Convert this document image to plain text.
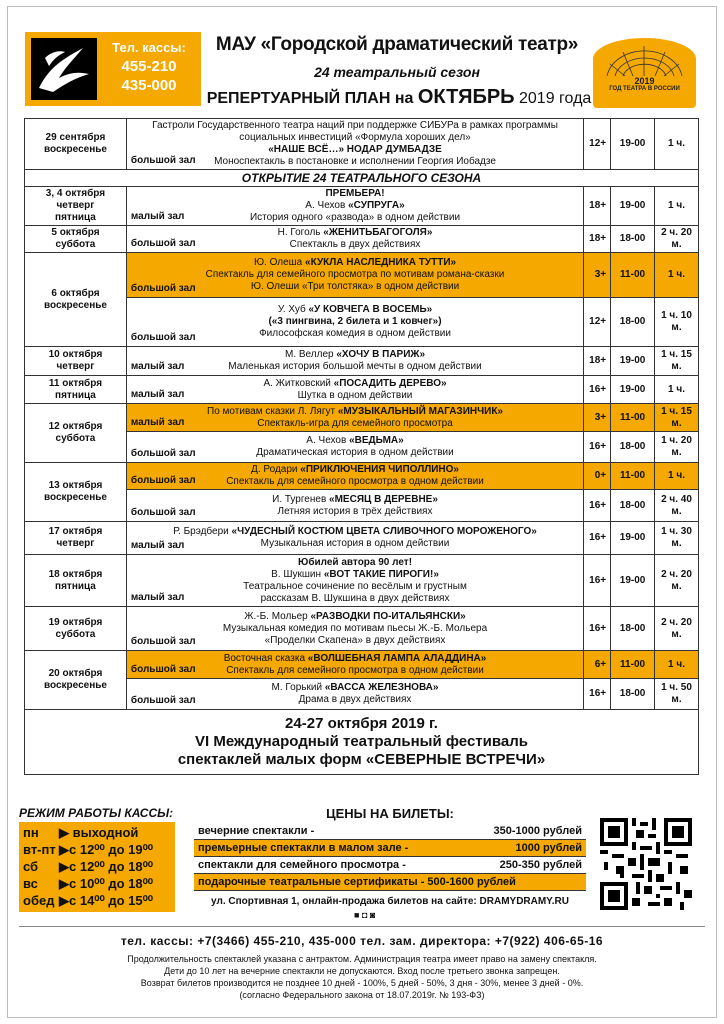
Тел. кассы:
455-210
435-000
МАУ «Городской драматический театр»
24 театральный сезон
РЕПЕРТУАРНЫЙ ПЛАН на ОКТЯБРЬ 2019 года
2019
ГОД ТЕАТРА В РОССИИ
29 сентября
воскресенье	Гастроли Государственного театра наций при поддержке СИБУРа в рамках программы
социальных инвестиций «Формула хороших дел»
«НАШЕ ВСЁ…» НОДАР ДУМБАДЗЕ
Моноспектакль в постановке и исполнении Георгия Иобадзе
большой зал	12+	19-00	1 ч.
ОТКРЫТИЕ 24 ТЕАТРАЛЬНОГО СЕЗОНА				
3, 4 октября
четверг
пятница	ПРЕМЬЕРА!
А. Чехов «СУПРУГА»
История одного «развода» в одном действии
малый зал	18+	19-00	1 ч.
5 октября
суббота	Н. Гоголь «ЖЕНИТЬБАГОГОЛЯ»
Спектакль в двух действиях
большой зал	18+	18-00	2 ч. 20 м.
6 октября
воскресенье	Ю. Олеша «КУКЛА НАСЛЕДНИКА ТУТТИ»
Спектакль для семейного просмотра по мотивам романа-сказки
Ю. Олеши «Три толстяка» в одном действии
большой зал	3+	11-00	1 ч.

	У. Хуб «У КОВЧЕГА В ВОСЕМЬ»
(«3 пингвина, 2 билета и 1 ковчег»)
Философская комедия в одном действии
большой зал	12+	18-00	1 ч. 10 м.
10 октября
четверг	М. Веллер «ХОЧУ В ПАРИЖ»
Маленькая история большой мечты в одном действии
малый зал	18+	19-00	1 ч. 15 м.
11 октября
пятница	А. Житковский «ПОСАДИТЬ ДЕРЕВО»
Шутка в одном действии
малый зал	16+	19-00	1 ч.
12 октября
суббота	По мотивам сказки Л. Лягут «МУЗЫКАЛЬНЫЙ МАГАЗИНЧИК»
Спектакль-игра для семейного просмотра
малый зал	3+	11-00	1 ч. 15 м.

	А. Чехов «ВЕДЬМА»
Драматическая история в одном действии
большой зал	16+	18-00	1 ч. 20 м.
13 октября
воскресенье	Д. Родари «ПРИКЛЮЧЕНИЯ ЧИПОЛЛИНО»
Спектакль для семейного просмотра в одном действии
большой зал	0+	11-00	1 ч.

	И. Тургенев «МЕСЯЦ В ДЕРЕВНЕ»
Летняя история в трёх действиях
большой зал	16+	18-00	2 ч. 40 м.
17 октября
четверг	Р. Брэдбери «ЧУДЕСНЫЙ КОСТЮМ ЦВЕТА СЛИВОЧНОГО МОРОЖЕНОГО»
Музыкальная история в одном действии
малый зал	16+	19-00	1 ч. 30 м.
18 октября
пятница	Юбилей автора 90 лет!
В. Шукшин «ВОТ ТАКИЕ ПИРОГИ!»
Театральное сочинение по весёлым и грустным
рассказам В. Шукшина в двух действиях
малый зал	16+	19-00	2 ч. 20 м.
19 октября
суббота	Ж.-Б. Мольер «РАЗВОДКИ ПО-ИТАЛЬЯНСКИ»
Музыкальная комедия по мотивам пьесы Ж.-Б. Мольера
«Проделки Скапена» в двух действиях
большой зал	16+	18-00	2 ч. 20 м.
20 октября
воскресенье	Восточная сказка «ВОЛШЕБНАЯ ЛАМПА АЛАДДИНА»
Спектакль для семейного просмотра в одном действии
большой зал	6+	11-00	1 ч.

	М. Горький «ВАССА ЖЕЛЕЗНОВА»
Драма в двух действиях
большой зал	16+	18-00	1 ч. 50 м.

24-27 октября 2019 г.
VI Международный театральный фестиваль
спектаклей малых форм «СЕВЕРНЫЕ ВСТРЕЧИ»				
РЕЖИМ РАБОТЫ КАССЫ:
пн ▶ выходной
вт-пт ▶с 12⁰⁰ до 19⁰⁰
сб ▶с 12⁰⁰ до 18⁰⁰
вс ▶с 10⁰⁰ до 18⁰⁰
обед ▶с 14⁰⁰ до 15⁰⁰
ЦЕНЫ НА БИЛЕТЫ:
вечерние спектакли -	350-1000 рублей
премьерные спектакли в малом зале -	1000 рублей
спектакли для семейного просмотра -	250-350 рублей
подарочные театральные сертификаты - 500-1600 рублей
ул. Спортивная 1, онлайн-продажа билетов на сайте: DRAMYDRAMY.RU
■ ◘ ◙
тел. кассы: +7(3466) 455-210, 435-000 тел. зам. директора: +7(922) 406-65-16
Продолжительность спектаклей указана с антрактом. Администрация театра имеет право на замену спектакля.
Дети до 10 лет на вечерние спектакли не допускаются. Вход после третьего звонка запрещен.
Возврат билетов производится не позднее 10 дней - 100%, 5 дней - 50%, 3 дня - 30%, менее 3 дней - 0%.
(согласно Федерального закона от 18.07.2019г. № 193-ФЗ)
